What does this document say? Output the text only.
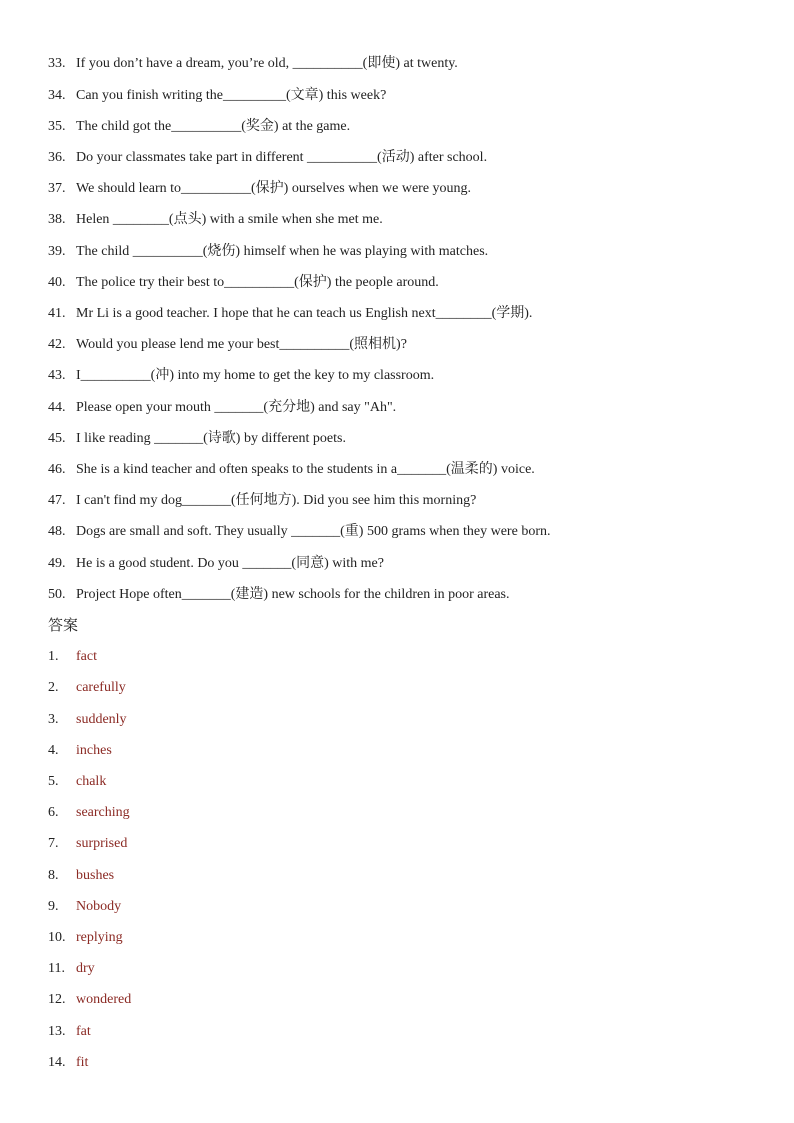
33. If you don’t have a dream, you’re old, __________(即使) at twenty.
34. Can you finish writing the_________(文章) this week?
35. The child got the__________(奖金) at the game.
36. Do your classmates take part in different __________(活动) after school.
37. We should learn to__________(保护) ourselves when we were young.
38. Helen ________(点头) with a smile when she met me.
39. The child __________(烧伤) himself when he was playing with matches.
40. The police try their best to__________(保护) the people around.
41. Mr Li is a good teacher. I hope that he can teach us English next________(学期).
42. Would you please lend me your best__________(照相机)?
43. I__________(冲) into my home to get the key to my classroom.
44. Please open your mouth _______(充分地) and say "Ah".
45. I like reading _______(诗歌) by different poets.
46. She is a kind teacher and often speaks to the students in a_______(温柔的) voice.
47. I can't find my dog_______(任何地方). Did you see him this morning?
48. Dogs are small and soft. They usually _______(重) 500 grams when they were born.
49. He is a good student. Do you _______(同意) with me?
50. Project Hope often_______(建造) new schools for the children in poor areas.
答案
1. fact
2. carefully
3. suddenly
4. inches
5. chalk
6. searching
7. surprised
8. bushes
9. Nobody
10. replying
11. dry
12. wondered
13. fat
14. fit
